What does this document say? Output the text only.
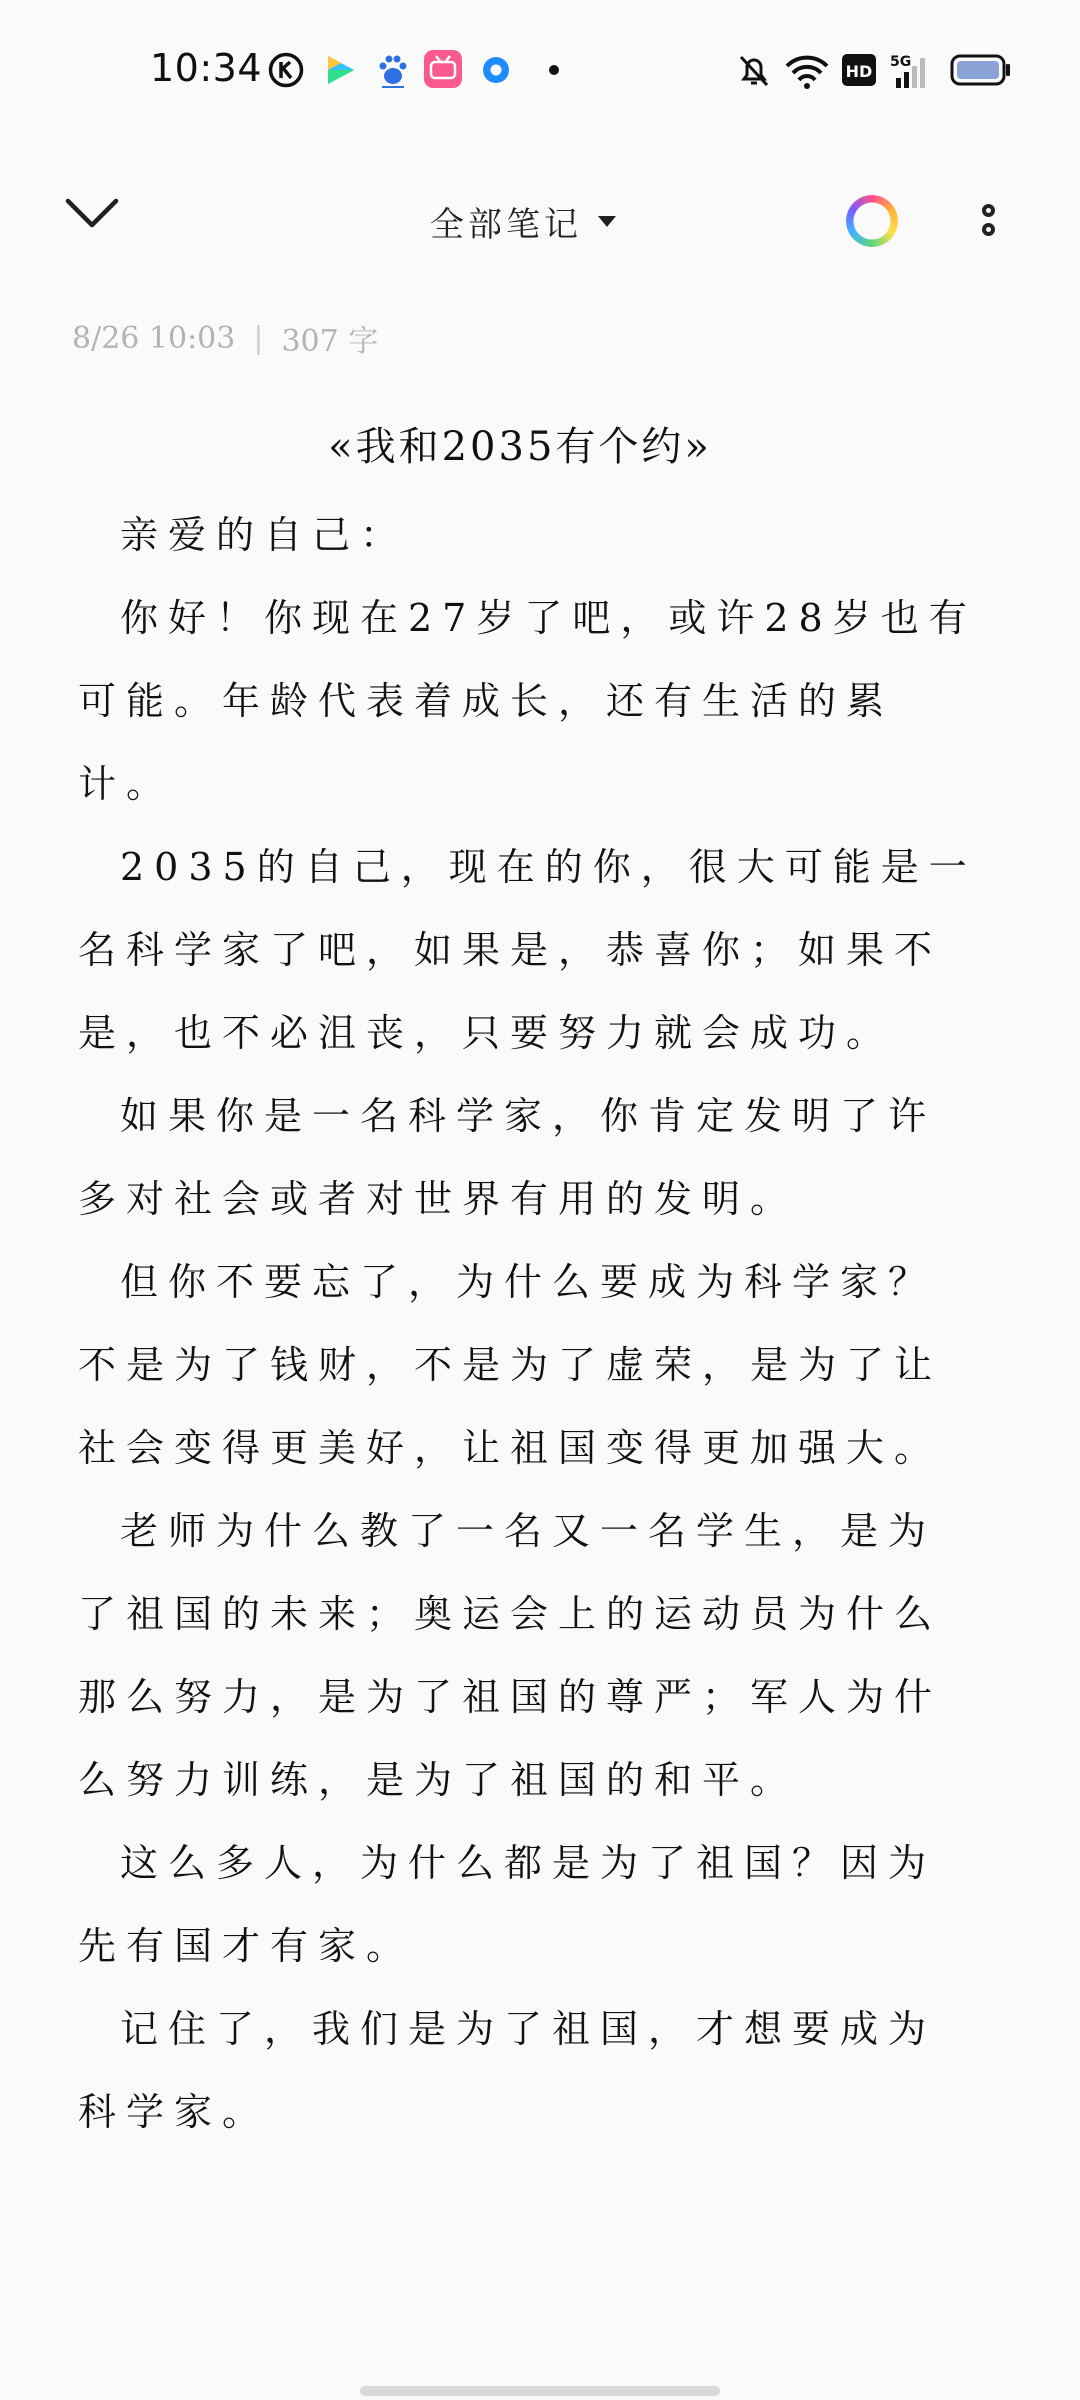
10:34	HD 5G
全部笔记
8/26 10:03 | 307 字
«我和2035有个约»

亲爱的自己：

你好！你现在27岁了吧，或许28岁也有可能。年龄代表着成长，还有生活的累计。

2035的自己，现在的你，很大可能是一名科学家了吧，如果是，恭喜你；如果不是，也不必沮丧，只要努力就会成功。

如果你是一名科学家，你肯定发明了许多对社会或者对世界有用的发明。

但你不要忘了，为什么要成为科学家？不是为了钱财，不是为了虚荣，是为了让社会变得更美好，让祖国变得更加强大。

老师为什么教了一名又一名学生，是为了祖国的未来；奥运会上的运动员为什么那么努力，是为了祖国的尊严；军人为什么努力训练，是为了祖国的和平。

这么多人，为什么都是为了祖国？因为先有国才有家。

记住了，我们是为了祖国，才想要成为科学家。
